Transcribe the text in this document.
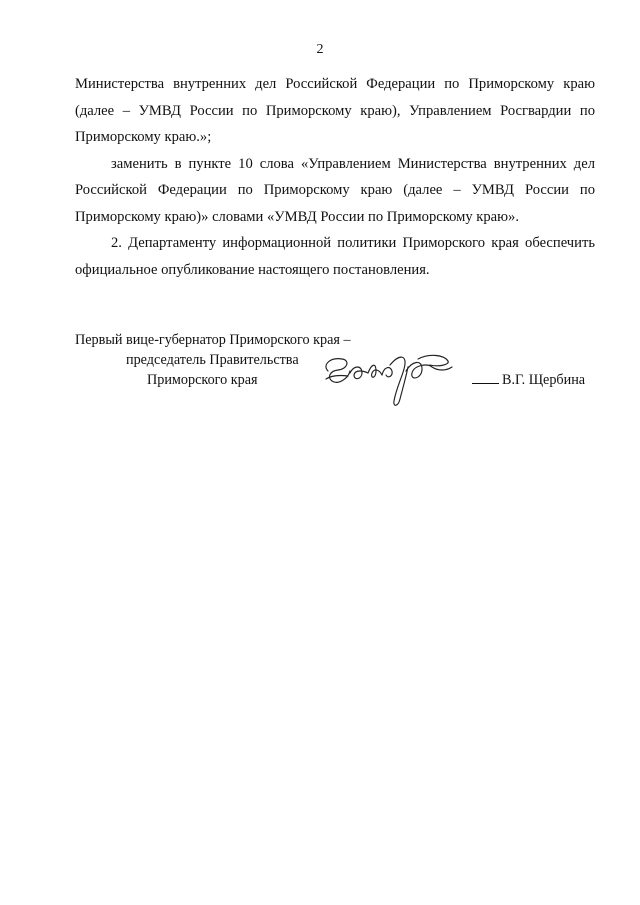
2

Министерства внутренних дел Российской Федерации по Приморскому краю (далее – УМВД России по Приморскому краю), Управлением Росгвардии по Приморскому краю.»;

заменить в пункте 10 слова «Управлением Министерства внутренних дел Российской Федерации по Приморскому краю (далее – УМВД России по Приморскому краю)» словами «УМВД России по Приморскому краю».

2. Департаменту информационной политики Приморского края обеспечить официальное опубликование настоящего постановления.

Первый вице-губернатор Приморского края –
председатель Правительства
Приморского края	В.Г. Щербина
